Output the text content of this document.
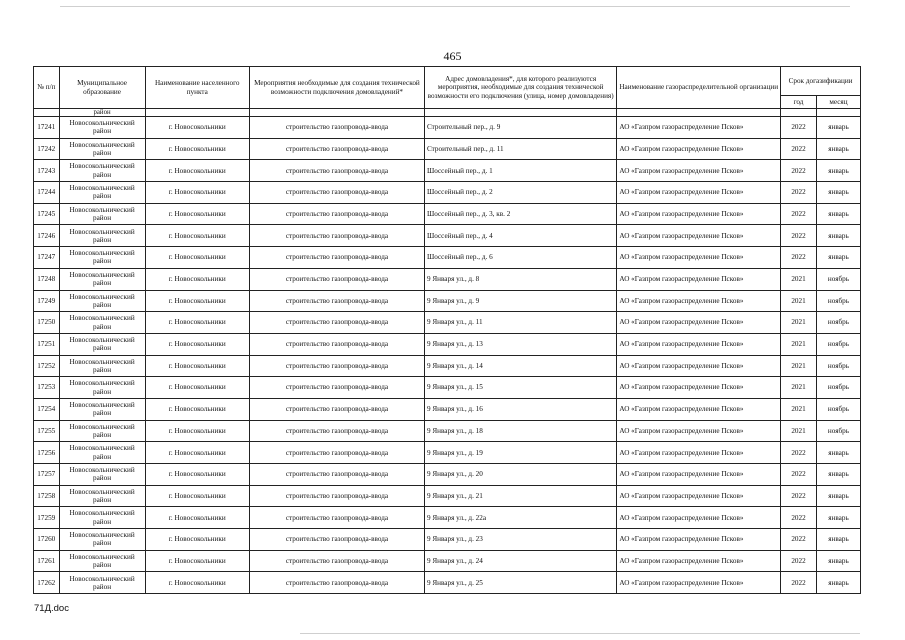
465
№ п/п	Муниципальное образование	Наименование населенного пункта	Мероприятия необходимые для создания технической возможности подключения домовладений*	Адрес домовладения*, для которого реализуются мероприятия, необходимые для создания технической возможности его подключения (улица, номер домовладения)	Наименование газораспределительной организации	Срок догазификации	
						год	месяц
	район						
17241	Новосокольнический район	г. Новосокольники	строительство газопровода-ввода	Строительный пер., д. 9	АО «Газпром газораспределение Псков»	2022	январь
17242	Новосокольнический район	г. Новосокольники	строительство газопровода-ввода	Строительный пер., д. 11	АО «Газпром газораспределение Псков»	2022	январь
17243	Новосокольнический район	г. Новосокольники	строительство газопровода-ввода	Шоссейный пер., д. 1	АО «Газпром газораспределение Псков»	2022	январь
17244	Новосокольнический район	г. Новосокольники	строительство газопровода-ввода	Шоссейный пер., д. 2	АО «Газпром газораспределение Псков»	2022	январь
17245	Новосокольнический район	г. Новосокольники	строительство газопровода-ввода	Шоссейный пер., д. 3, кв. 2	АО «Газпром газораспределение Псков»	2022	январь
17246	Новосокольнический район	г. Новосокольники	строительство газопровода-ввода	Шоссейный пер., д. 4	АО «Газпром газораспределение Псков»	2022	январь
17247	Новосокольнический район	г. Новосокольники	строительство газопровода-ввода	Шоссейный пер., д. 6	АО «Газпром газораспределение Псков»	2022	январь
17248	Новосокольнический район	г. Новосокольники	строительство газопровода-ввода	9 Января ул., д. 8	АО «Газпром газораспределение Псков»	2021	ноябрь
17249	Новосокольнический район	г. Новосокольники	строительство газопровода-ввода	9 Января ул., д. 9	АО «Газпром газораспределение Псков»	2021	ноябрь
17250	Новосокольнический район	г. Новосокольники	строительство газопровода-ввода	9 Января ул., д. 11	АО «Газпром газораспределение Псков»	2021	ноябрь
17251	Новосокольнический район	г. Новосокольники	строительство газопровода-ввода	9 Января ул., д. 13	АО «Газпром газораспределение Псков»	2021	ноябрь
17252	Новосокольнический район	г. Новосокольники	строительство газопровода-ввода	9 Января ул., д. 14	АО «Газпром газораспределение Псков»	2021	ноябрь
17253	Новосокольнический район	г. Новосокольники	строительство газопровода-ввода	9 Января ул., д. 15	АО «Газпром газораспределение Псков»	2021	ноябрь
17254	Новосокольнический район	г. Новосокольники	строительство газопровода-ввода	9 Января ул., д. 16	АО «Газпром газораспределение Псков»	2021	ноябрь
17255	Новосокольнический район	г. Новосокольники	строительство газопровода-ввода	9 Января ул., д. 18	АО «Газпром газораспределение Псков»	2021	ноябрь
17256	Новосокольнический район	г. Новосокольники	строительство газопровода-ввода	9 Января ул., д. 19	АО «Газпром газораспределение Псков»	2022	январь
17257	Новосокольнический район	г. Новосокольники	строительство газопровода-ввода	9 Января ул., д. 20	АО «Газпром газораспределение Псков»	2022	январь
17258	Новосокольнический район	г. Новосокольники	строительство газопровода-ввода	9 Января ул., д. 21	АО «Газпром газораспределение Псков»	2022	январь
17259	Новосокольнический район	г. Новосокольники	строительство газопровода-ввода	9 Января ул., д. 22а	АО «Газпром газораспределение Псков»	2022	январь
17260	Новосокольнический район	г. Новосокольники	строительство газопровода-ввода	9 Января ул., д. 23	АО «Газпром газораспределение Псков»	2022	январь
17261	Новосокольнический район	г. Новосокольники	строительство газопровода-ввода	9 Января ул., д. 24	АО «Газпром газораспределение Псков»	2022	январь
17262	Новосокольнический район	г. Новосокольники	строительство газопровода-ввода	9 Января ул., д. 25	АО «Газпром газораспределение Псков»	2022	январь
71Д.doc
